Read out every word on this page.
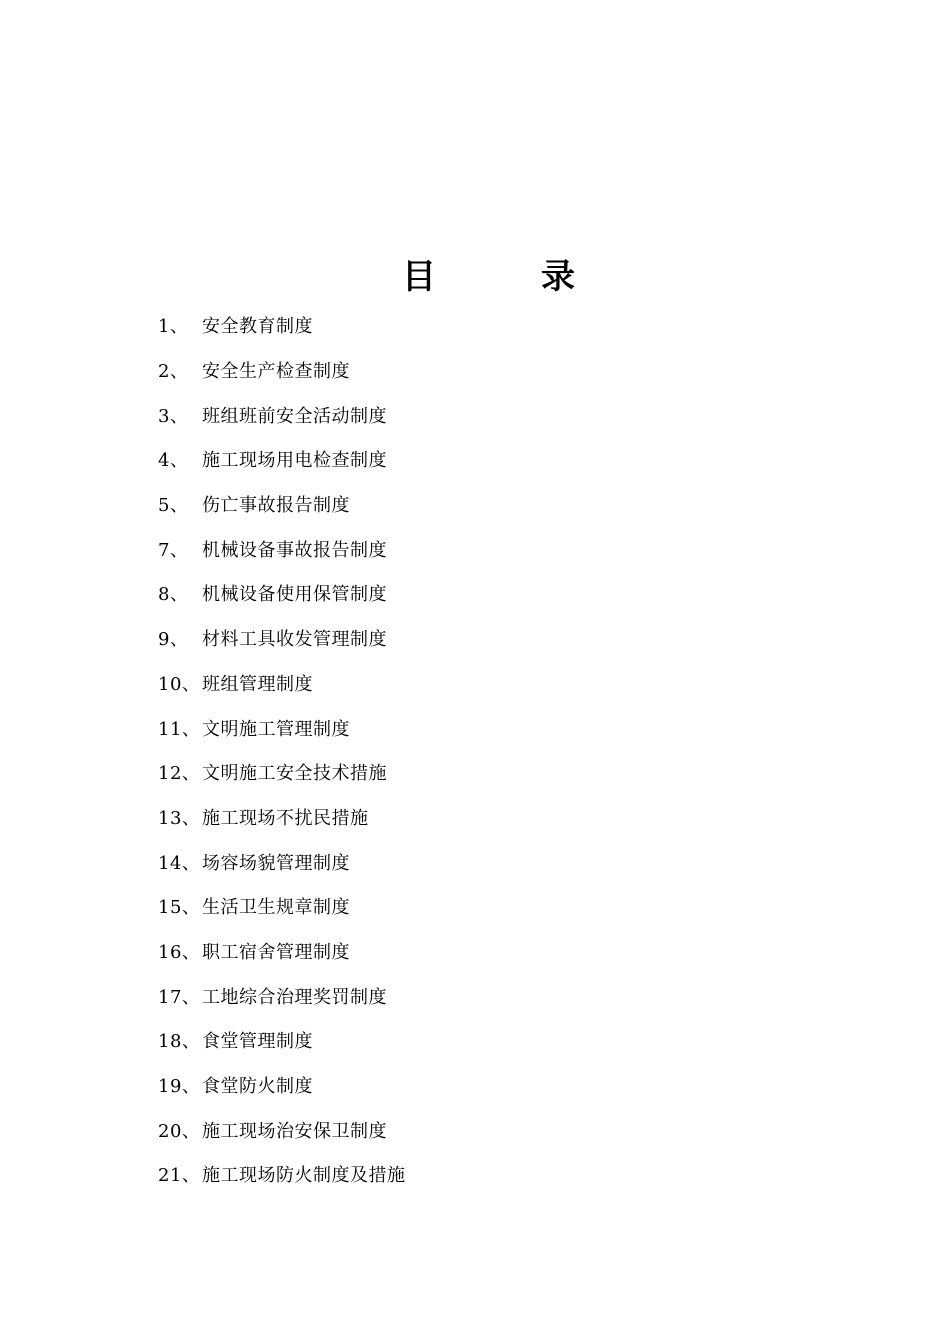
目	录
1、 安全教育制度
2、 安全生产检查制度
3、 班组班前安全活动制度
4、 施工现场用电检查制度
5、 伤亡事故报告制度
7、 机械设备事故报告制度
8、 机械设备使用保管制度
9、 材料工具收发管理制度
10、 班组管理制度
11、 文明施工管理制度
12、 文明施工安全技术措施
13、 施工现场不扰民措施
14、 场容场貌管理制度
15、 生活卫生规章制度
16、 职工宿舍管理制度
17、 工地综合治理奖罚制度
18、 食堂管理制度
19、 食堂防火制度
20、 施工现场治安保卫制度
21、 施工现场防火制度及措施
